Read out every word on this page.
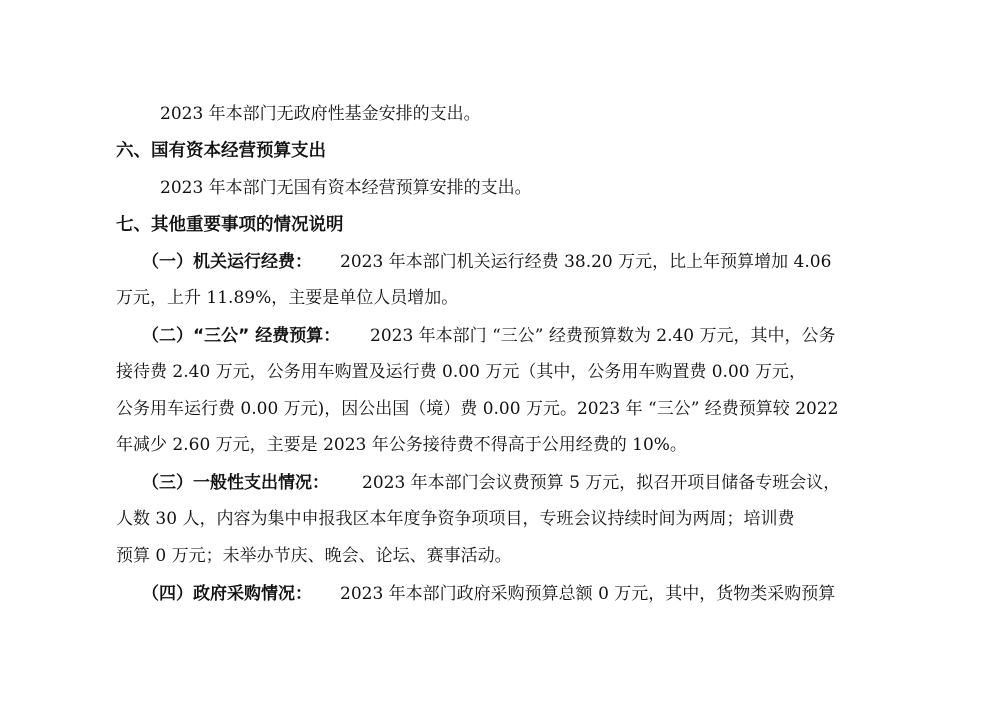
2023 年本部门无政府性基金安排的支出。
六、国有资本经营预算支出
2023 年本部门无国有资本经营预算安排的支出。
七、其他重要事项的情况说明
（一）机关运行经费： 2023 年本部门机关运行经费 38.20 万元，比上年预算增加 4.06
万元，上升 11.89%，主要是单位人员增加。
（二）“三公” 经费预算： 2023 年本部门 “三公” 经费预算数为 2.40 万元，其中，公务
接待费 2.40 万元，公务用车购置及运行费 0.00 万元（其中，公务用车购置费 0.00 万元，
公务用车运行费 0.00 万元)，因公出国（境）费 0.00 万元。2023 年 “三公” 经费预算较 2022
年减少 2.60 万元，主要是 2023 年公务接待费不得高于公用经费的 10%。
（三）一般性支出情况： 2023 年本部门会议费预算 5 万元，拟召开项目储备专班会议，
人数 30 人，内容为集中申报我区本年度争资争项项目，专班会议持续时间为两周；培训费
预算 0 万元；未举办节庆、晚会、论坛、赛事活动。
（四）政府采购情况： 2023 年本部门政府采购预算总额 0 万元，其中，货物类采购预算
